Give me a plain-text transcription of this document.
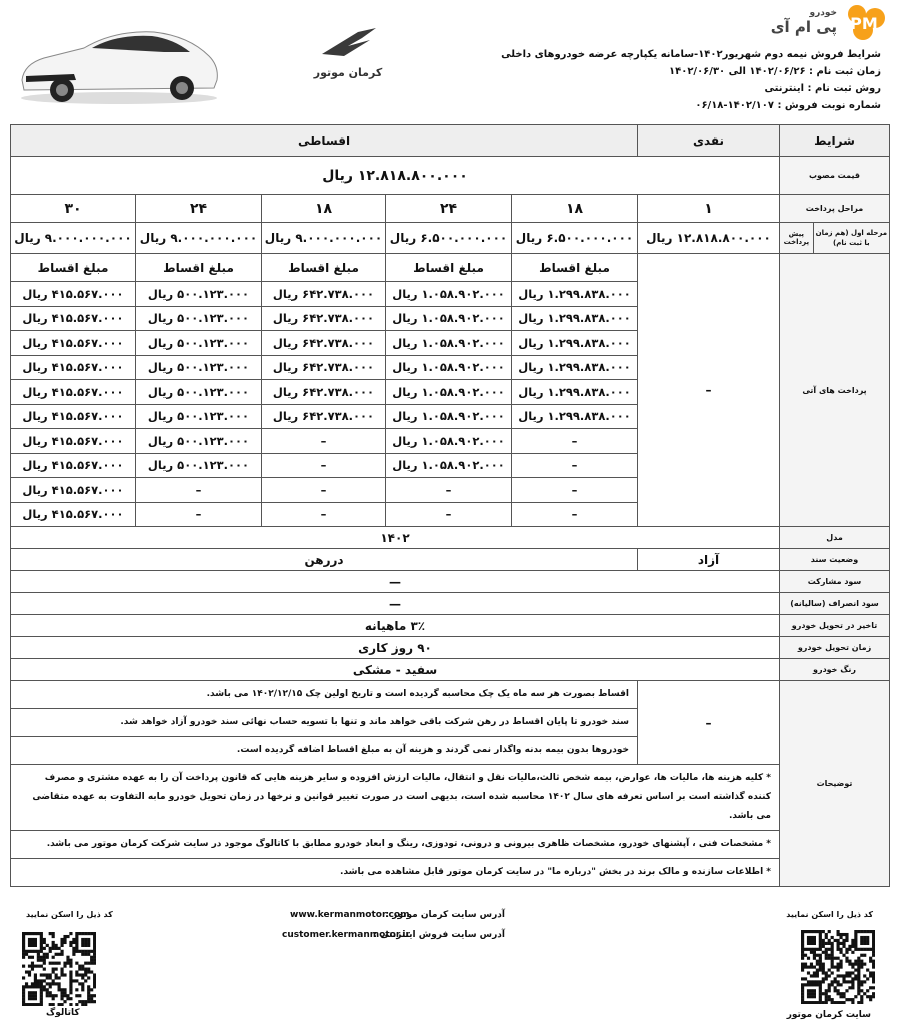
کرمان موتور
خودرو
پی ام آی PM
شرایط فروش نیمه دوم شهریور۱۴۰۲-سامانه یکپارچه عرضه خودروهای داخلی
زمان ثبت نام : ۱۴۰۲/۰۶/۲۶ الی ۱۴۰۲/۰۶/۳۰
روش ثبت نام : اینترنتی
شماره نوبت فروش : ۱۴۰۲/۱۰۷-۰۶/۱۸
شرایط	نقدی	اقساطی				
قیمت مصوب	۱۲.۸۱۸.۸۰۰.۰۰۰ ریال					
مراحل پرداخت	۱	۱۸	۲۴	۱۸	۲۴	۳۰

مرحله اول (هم زمان با ثبت نام)
پیش پرداخت	۱۲.۸۱۸.۸۰۰.۰۰۰ ریال	۶.۵۰۰.۰۰۰.۰۰۰ ریال	۶.۵۰۰.۰۰۰.۰۰۰ ریال	۹.۰۰۰.۰۰۰.۰۰۰ ریال	۹.۰۰۰.۰۰۰.۰۰۰ ریال	۹.۰۰۰.۰۰۰.۰۰۰ ریال
پرداخت های آتی	–	مبلغ اقساط	مبلغ اقساط	مبلغ اقساط	مبلغ اقساط	مبلغ اقساط
		۱.۲۹۹.۸۳۸.۰۰۰ ریال	۱.۰۵۸.۹۰۲.۰۰۰ ریال	۶۴۲.۷۳۸.۰۰۰ ریال	۵۰۰.۱۲۳.۰۰۰ ریال	۴۱۵.۵۶۷.۰۰۰ ریال
		۱.۲۹۹.۸۳۸.۰۰۰ ریال	۱.۰۵۸.۹۰۲.۰۰۰ ریال	۶۴۲.۷۳۸.۰۰۰ ریال	۵۰۰.۱۲۳.۰۰۰ ریال	۴۱۵.۵۶۷.۰۰۰ ریال
		۱.۲۹۹.۸۳۸.۰۰۰ ریال	۱.۰۵۸.۹۰۲.۰۰۰ ریال	۶۴۲.۷۳۸.۰۰۰ ریال	۵۰۰.۱۲۳.۰۰۰ ریال	۴۱۵.۵۶۷.۰۰۰ ریال
		۱.۲۹۹.۸۳۸.۰۰۰ ریال	۱.۰۵۸.۹۰۲.۰۰۰ ریال	۶۴۲.۷۳۸.۰۰۰ ریال	۵۰۰.۱۲۳.۰۰۰ ریال	۴۱۵.۵۶۷.۰۰۰ ریال
		۱.۲۹۹.۸۳۸.۰۰۰ ریال	۱.۰۵۸.۹۰۲.۰۰۰ ریال	۶۴۲.۷۳۸.۰۰۰ ریال	۵۰۰.۱۲۳.۰۰۰ ریال	۴۱۵.۵۶۷.۰۰۰ ریال
		۱.۲۹۹.۸۳۸.۰۰۰ ریال	۱.۰۵۸.۹۰۲.۰۰۰ ریال	۶۴۲.۷۳۸.۰۰۰ ریال	۵۰۰.۱۲۳.۰۰۰ ریال	۴۱۵.۵۶۷.۰۰۰ ریال
		–	۱.۰۵۸.۹۰۲.۰۰۰ ریال	–	۵۰۰.۱۲۳.۰۰۰ ریال	۴۱۵.۵۶۷.۰۰۰ ریال
		–	۱.۰۵۸.۹۰۲.۰۰۰ ریال	–	۵۰۰.۱۲۳.۰۰۰ ریال	۴۱۵.۵۶۷.۰۰۰ ریال
		–	–	–	–	۴۱۵.۵۶۷.۰۰۰ ریال
		–	–	–	–	۴۱۵.۵۶۷.۰۰۰ ریال
مدل	۱۴۰۲					
وضعیت سند	آزاد	دررهن				
سود مشارکت	—					
سود انصراف (سالیانه)	—					
تاخیر در تحویل خودرو	۳٪ ماهیانه					
زمان تحویل خودرو	۹۰ روز کاری					
رنگ خودرو	سفید - مشکی					
توضیحات	–	اقساط بصورت هر سه ماه یک چک محاسبه گردیده است و تاریخ اولین چک ۱۴۰۲/۱۲/۱۵ می باشد.				
		سند خودرو تا پایان اقساط در رهن شرکت باقی خواهد ماند و تنها با تسویه حساب نهائی سند خودرو آزاد خواهد شد.				
		خودروها بدون بیمه بدنه واگذار نمی گردند و هزینه آن به مبلغ اقساط اضافه گردیده است.				
	* کلیه هزینه ها، مالیات ها، عوارض، بیمه شخص ثالث،مالیات نقل و انتقال، مالیات ارزش افزوده و سایر هزینه هایی که قانون پرداخت آن را به عهده مشتری و مصرف کننده گذاشته است بر اساس تعرفه های سال ۱۴۰۲ محاسبه شده است، بدیهی است در صورت تغییر قوانین و نرخها در زمان تحویل خودرو مابه التفاوت به عهده متقاضی می باشد.					
	* مشخصات فنی ، آپشنهای خودرو، مشخصات ظاهری بیرونی و درونی، تودوزی، رینگ و ابعاد خودرو مطابق با کاتالوگ موجود در سایت شرکت کرمان موتور می باشد.					
	* اطلاعات سازنده و مالک برند در بخش "درباره ما" در سایت کرمان موتور قابل مشاهده می باشد.					
کد ذیل را اسکن نمایید	کد ذیل را اسکن نمایید
آدرس سایت کرمان موتور :
www.kermanmotor.com
آدرس سایت فروش اینترنتی :
customer.kermanmotor.ir
کاتالوگ	سایت کرمان موتور
